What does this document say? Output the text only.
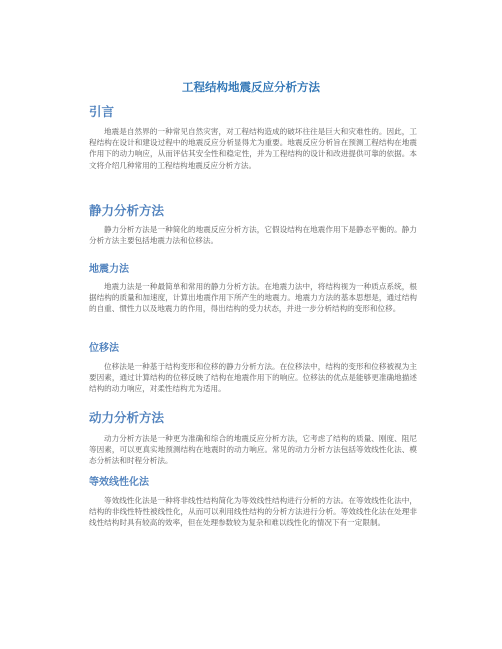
工程结构地震反应分析方法
引言

地震是自然界的一种常见自然灾害，对工程结构造成的破坏往往是巨大和灾难性的。因此，工程结构在设计和建设过程中的地震反应分析显得尤为重要。地震反应分析旨在预测工程结构在地震作用下的动力响应，从而评估其安全性和稳定性，并为工程结构的设计和改进提供可靠的依据。本文将介绍几种常用的工程结构地震反应分析方法。

静力分析方法

静力分析方法是一种简化的地震反应分析方法，它假设结构在地震作用下是静态平衡的。静力分析方法主要包括地震力法和位移法。

地震力法

地震力法是一种最简单和常用的静力分析方法。在地震力法中，将结构视为一种质点系统，根据结构的质量和加速度，计算出地震作用下所产生的地震力。地震力方法的基本思想是，通过结构的自重、惯性力以及地震力的作用，得出结构的受力状态，并进一步分析结构的变形和位移。

位移法

位移法是一种基于结构变形和位移的静力分析方法。在位移法中，结构的变形和位移被视为主要因素，通过计算结构的位移反映了结构在地震作用下的响应。位移法的优点是能够更准确地描述结构的动力响应，对柔性结构尤为适用。

动力分析方法

动力分析方法是一种更为准确和综合的地震反应分析方法，它考虑了结构的质量、刚度、阻尼等因素，可以更真实地预测结构在地震时的动力响应。常见的动力分析方法包括等效线性化法、模态分析法和时程分析法。

等效线性化法

等效线性化法是一种将非线性结构简化为等效线性结构进行分析的方法。在等效线性化法中，结构的非线性特性被线性化，从而可以利用线性结构的分析方法进行分析。等效线性化法在处理非线性结构时具有较高的效率，但在处理参数较为复杂和难以线性化的情况下有一定限制。
